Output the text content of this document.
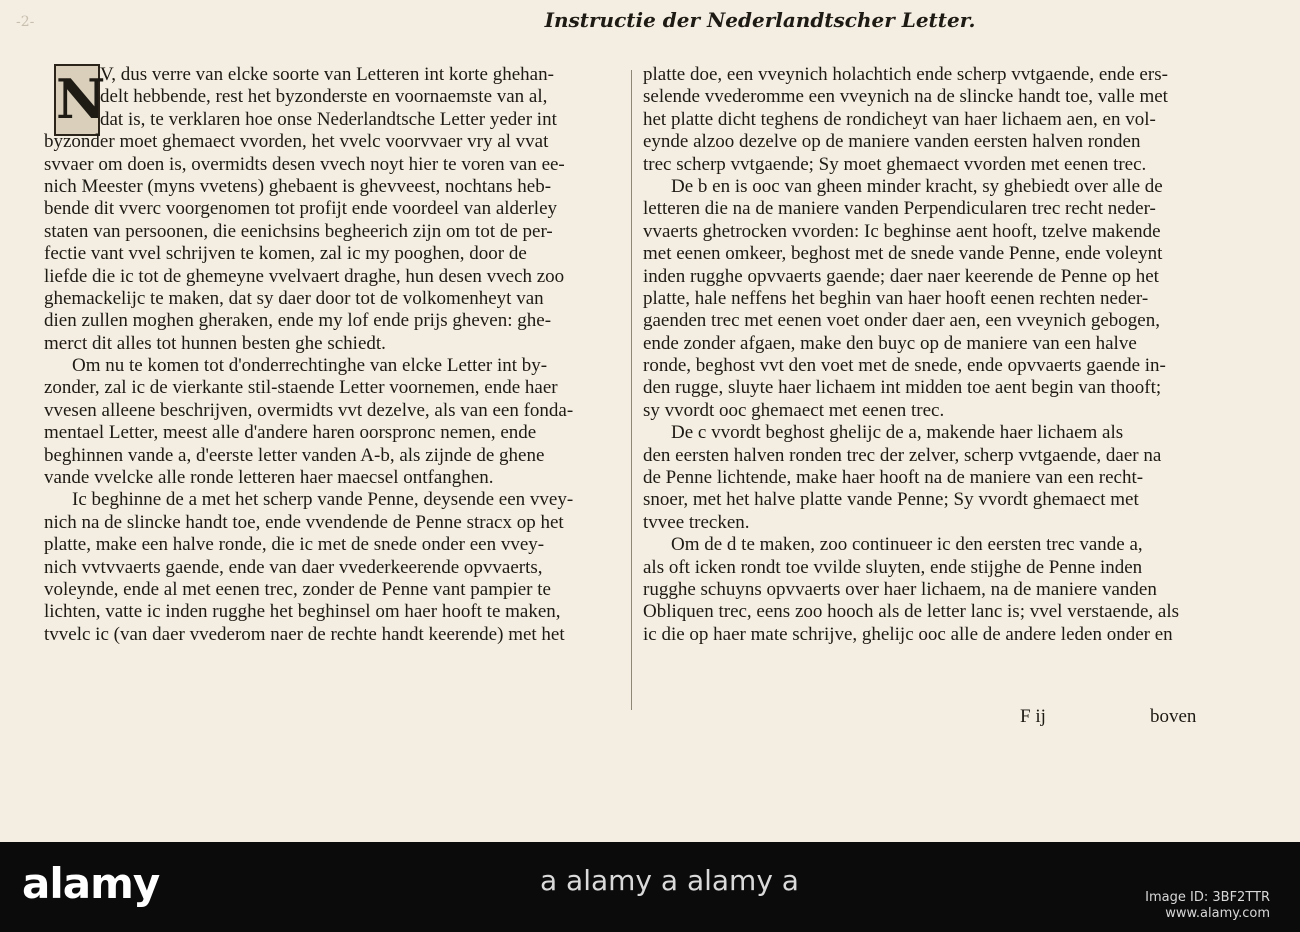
-2-	Instructie der Nederlandtscher Letter.
N

V, dus verre van elcke soorte van Letteren int korte ghehan-
delt hebbende, rest het byzonderste en voornaemste van al,
dat is, te verklaren hoe onse Nederlandtsche Letter yeder int
byzonder moet ghemaect vvorden, het vvelc voorvvaer vry al vvat
svvaer om doen is, overmidts desen vvech noyt hier te voren van ee-
nich Meester (myns vvetens) ghebaent is ghevveest, nochtans heb-
bende dit vverc voorgenomen tot profijt ende voordeel van alderley
staten van persoonen, die eenichsins begheerich zijn om tot de per-
fectie vant vvel schrijven te komen, zal ic my pooghen, door de
liefde die ic tot de ghemeyne vvelvaert draghe, hun desen vvech zoo
ghemackelijc te maken, dat sy daer door tot de volkomenheyt van
dien zullen moghen gheraken, ende my lof ende prijs gheven: ghe-
merct dit alles tot hunnen besten ghe schiedt.

Om nu te komen tot d'onderrechtinghe van elcke Letter int by-
zonder, zal ic de vierkante stil-staende Letter voornemen, ende haer
vvesen alleene beschrijven, overmidts vvt dezelve, als van een fonda-
mentael Letter, meest alle d'andere haren oorspronc nemen, ende
beghinnen vande a, d'eerste letter vanden A-b, als zijnde de ghene
vande vvelcke alle ronde letteren haer maecsel ontfanghen.

Ic beghinne de a met het scherp vande Penne, deysende een vvey-
nich na de slincke handt toe, ende vvendende de Penne stracx op het
platte, make een halve ronde, die ic met de snede onder een vvey-
nich vvtvvaerts gaende, ende van daer vvederkeerende opvvaerts,
voleynde, ende al met eenen trec, zonder de Penne vant pampier te
lichten, vatte ic inden rugghe het beghinsel om haer hooft te maken,
tvvelc ic (van daer vvederom naer de rechte handt keerende) met het

platte doe, een vveynich holachtich ende scherp vvtgaende, ende ers-
selende vvederomme een vveynich na de slincke handt toe, valle met
het platte dicht teghens de rondicheyt van haer lichaem aen, en vol-
eynde alzoo dezelve op de maniere vanden eersten halven ronden
trec scherp vvtgaende; Sy moet ghemaect vvorden met eenen trec.

De b en is ooc van gheen minder kracht, sy ghebiedt over alle de
letteren die na de maniere vanden Perpendicularen trec recht neder-
vvaerts ghetrocken vvorden: Ic beghinse aent hooft, tzelve makende
met eenen omkeer, beghost met de snede vande Penne, ende voleynt
inden rugghe opvvaerts gaende; daer naer keerende de Penne op het
platte, hale neffens het beghin van haer hooft eenen rechten neder-
gaenden trec met eenen voet onder daer aen, een vveynich gebogen,
ende zonder afgaen, make den buyc op de maniere van een halve
ronde, beghost vvt den voet met de snede, ende opvvaerts gaende in-
den rugge, sluyte haer lichaem int midden toe aent begin van thooft;
sy vvordt ooc ghemaect met eenen trec.

De c vvordt beghost ghelijc de a, makende haer lichaem als
den eersten halven ronden trec der zelver, scherp vvtgaende, daer na
de Penne lichtende, make haer hooft na de maniere van een recht-
snoer, met het halve platte vande Penne; Sy vvordt ghemaect met
tvvee trecken.

Om de d te maken, zoo continueer ic den eersten trec vande a,
als oft icken rondt toe vvilde sluyten, ende stijghe de Penne inden
rugghe schuyns opvvaerts over haer lichaem, na de maniere vanden
Obliquen trec, eens zoo hooch als de letter lanc is; vvel verstaende, als
ic die op haer mate schrijve, ghelijc ooc alle de andere leden onder en

F ij	boven
alamy	a alamy a alamy a
Image ID: 3BF2TTR
www.alamy.com
